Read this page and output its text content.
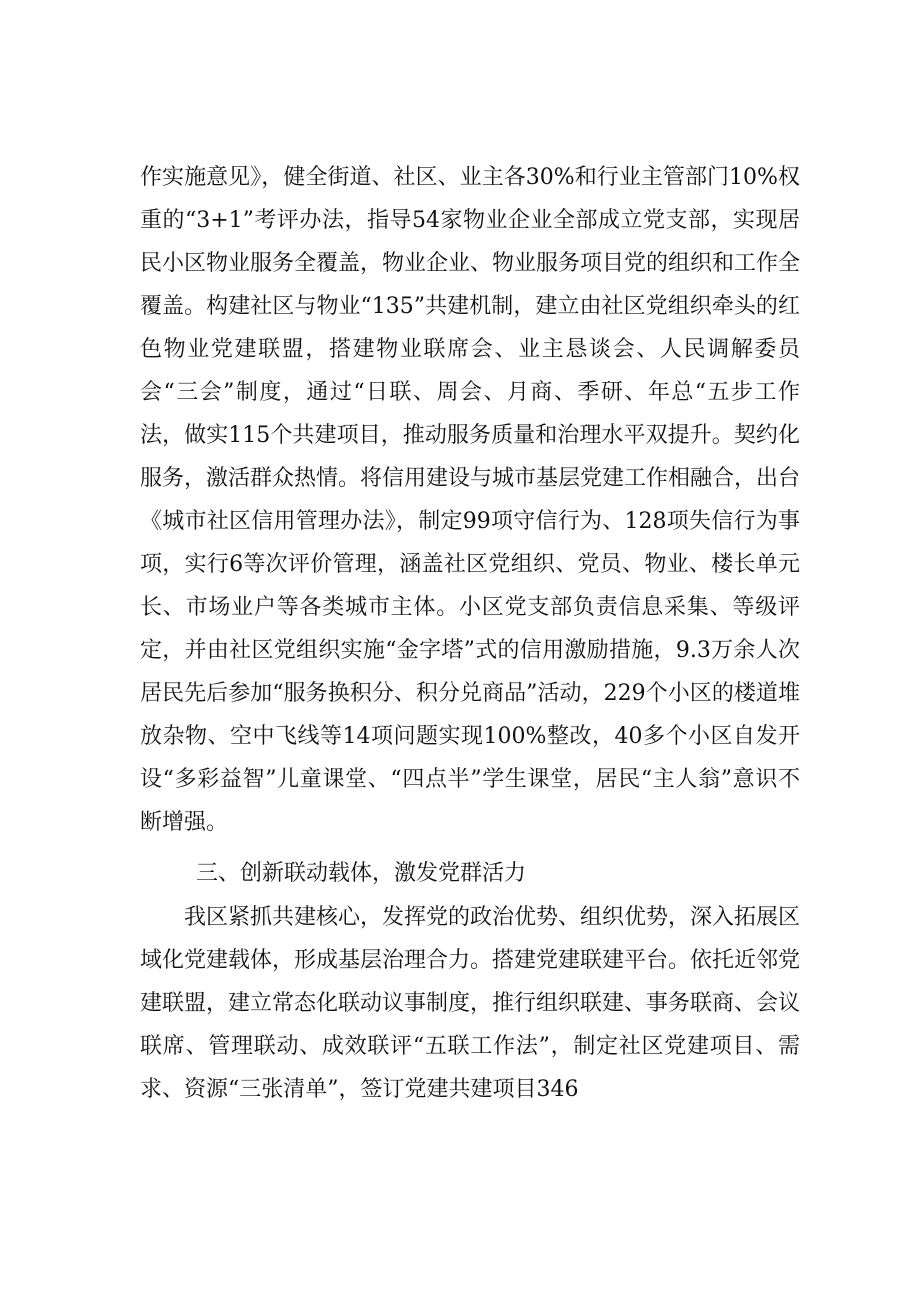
作实施意见》，健全街道、社区、业主各30%和行业主管部门10%权重的“3+1”考评办法，指导54家物业企业全部成立党支部，实现居民小区物业服务全覆盖，物业企业、物业服务项目党的组织和工作全覆盖。构建社区与物业“135”共建机制，建立由社区党组织牵头的红色物业党建联盟，搭建物业联席会、业主恳谈会、人民调解委员会“三会”制度，通过“日联、周会、月商、季研、年总“五步工作法，做实115个共建项目，推动服务质量和治理水平双提升。契约化服务，激活群众热情。将信用建设与城市基层党建工作相融合，出台《城市社区信用管理办法》，制定99项守信行为、128项失信行为事项，实行6等次评价管理，涵盖社区党组织、党员、物业、楼长单元长、市场业户等各类城市主体。小区党支部负责信息采集、等级评定，并由社区党组织实施“金字塔”式的信用激励措施，9.3万余人次居民先后参加“服务换积分、积分兑商品”活动，229个小区的楼道堆放杂物、空中飞线等14项问题实现100%整改，40多个小区自发开设“多彩益智”儿童课堂、“四点半”学生课堂，居民“主人翁”意识不断增强。

三、创新联动载体，激发党群活力

我区紧抓共建核心，发挥党的政治优势、组织优势，深入拓展区域化党建载体，形成基层治理合力。搭建党建联建平台。依托近邻党建联盟，建立常态化联动议事制度，推行组织联建、事务联商、会议联席、管理联动、成效联评“五联工作法”，制定社区党建项目、需求、资源“三张清单”，签订党建共建项目346
